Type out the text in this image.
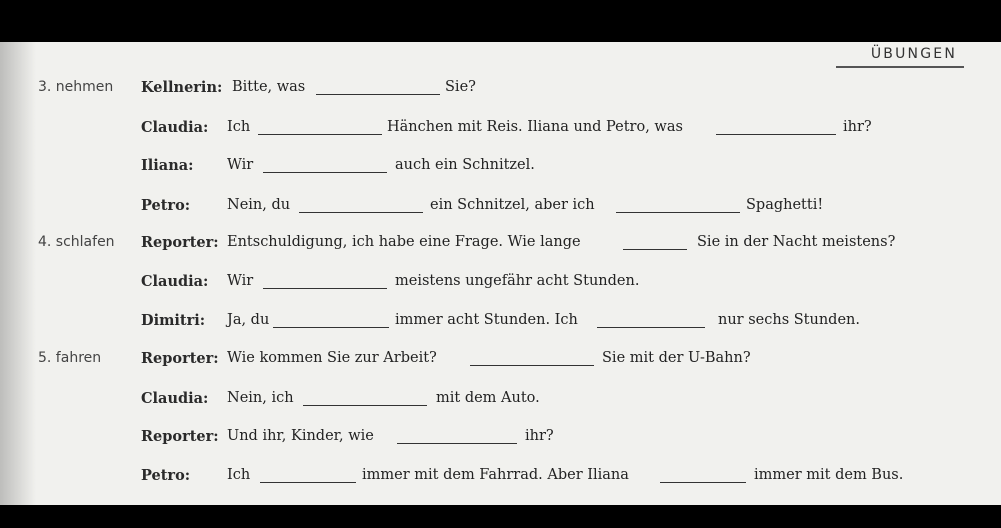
ÜBUNGEN
3. nehmen Kellnerin: Bitte, was	Sie?
Claudia: Ich	Hänchen mit Reis. Iliana und Petro, was	ihr?
Iliana: Wir	auch ein Schnitzel.
Petro:	Nein, du	ein Schnitzel, aber ich	Spaghetti!
4. schlafen Reporter: Entschuldigung, ich habe eine Frage. Wie lange	Sie in der Nacht meistens?
Claudia: Wir	meistens ungefähr acht Stunden.
Dimitri: Ja, du	immer acht Stunden. Ich	nur sechs Stunden.
5. fahren	Reporter: Wie kommen Sie zur Arbeit?	Sie mit der U-Bahn?
Claudia: Nein, ich	mit dem Auto.
Reporter: Und ihr, Kinder, wie	ihr?
Petro:	Ich	immer mit dem Fahrrad. Aber Iliana	immer mit dem Bus.
